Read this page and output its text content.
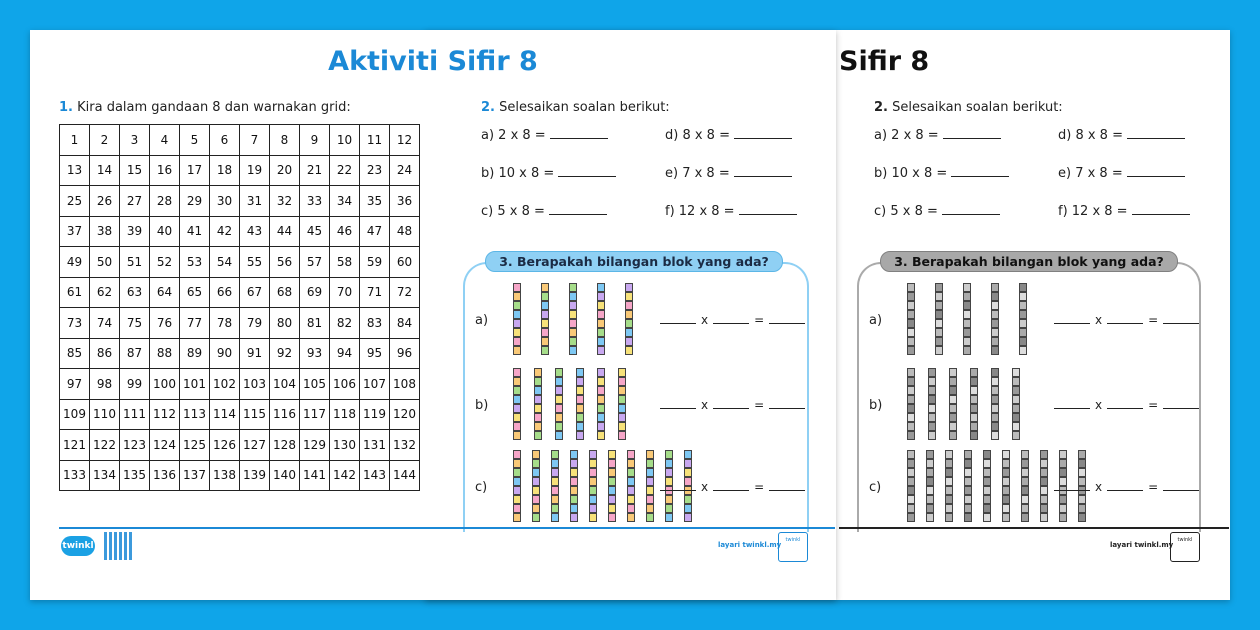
Sifir 8
2. Selesaikan soalan berikut:
a) 2 x 8 =
b) 10 x 8 =
c) 5 x 8 =
d) 8 x 8 =
e) 7 x 8 =
f) 12 x 8 =
3. Berapakah bilangan blok yang ada?
a)	x	=
b)	x	=
c)	x	=
layari twinkl.my
twinkl
Aktiviti Sifir 8
1. Kira dalam gandaan 8 dan warnakan grid:
1	2	3	4	5	6	7	8	9	10	11	12
13	14	15	16	17	18	19	20	21	22	23	24
25	26	27	28	29	30	31	32	33	34	35	36
37	38	39	40	41	42	43	44	45	46	47	48
49	50	51	52	53	54	55	56	57	58	59	60
61	62	63	64	65	66	67	68	69	70	71	72
73	74	75	76	77	78	79	80	81	82	83	84
85	86	87	88	89	90	91	92	93	94	95	96
97	98	99	100	101	102	103	104	105	106	107	108
109	110	111	112	113	114	115	116	117	118	119	120
121	122	123	124	125	126	127	128	129	130	131	132
133	134	135	136	137	138	139	140	141	142	143	144
2. Selesaikan soalan berikut:
a) 2 x 8 =
b) 10 x 8 =
c) 5 x 8 =
d) 8 x 8 =
e) 7 x 8 =
f) 12 x 8 =
3. Berapakah bilangan blok yang ada?
a)	x	=
b)	x	=
c)	x	=
twinkl	layari twinkl.my
twinkl
